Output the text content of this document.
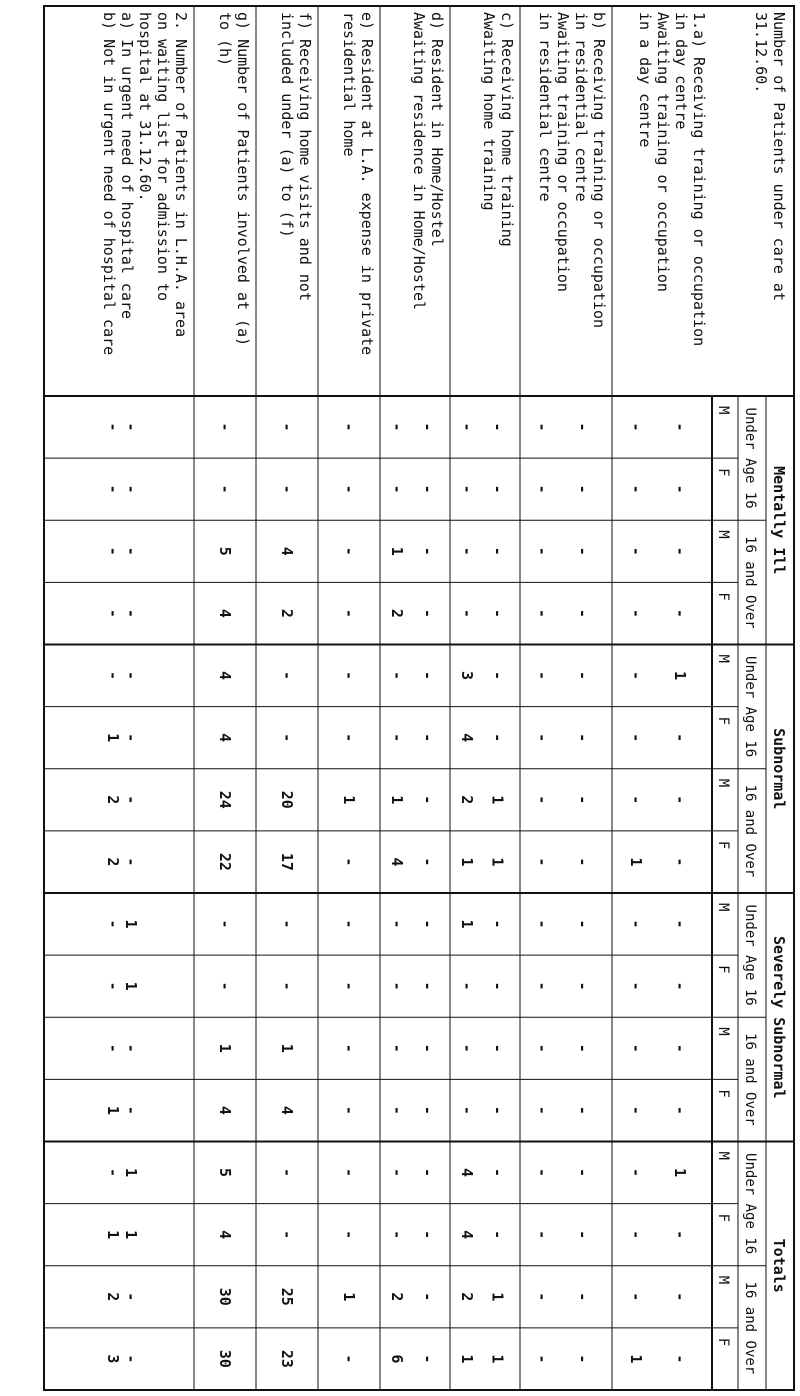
Number of Patients under care at
31.12.60.
1.a) Receiving training or occupation
in day centre
Awaiting training or occupation
in a day centre
b) Receiving training or occupation
in residential centre
Awaiting training or occupation
in residential centre
c) Receiving home training
Awaiting home training
d) Resident in Home/Hostel
Awaiting residence in Home/Hostel
e) Resident at L.A. expense in private
residential home
f) Receiving home visits and not
included under (a) to (f)
g) Number of Patients involved at (a)
to (h)
2. Number of Patients in L.H.A. area
on waiting list for admission to
hospital at 31.12.60.
a) In urgent need of hospital care
b) Not in urgent need of hospital care
Mentally Ill
Under Age 16
M
F
16 and Over
M
F
Subnormal
Under Age 16
M
F
16 and Over
M
F
Severely Subnormal
Under Age 16
M
F
16 and Over
M
F
Totals
Under Age 16
M
F
16 and Over
M
F
-
-
-
-
1
-
-
-
-
-
-
-
1
-
-
-
-
-
-
-
-
-
-
1
-
-
-
-
-
-
-
1
-
-
-
-
-
-
-
-
-
-
-
-
-
-
-
-
-
-
-
-
-
-
-
-
-
-
-
-
-
-
-
-
-
-
-
-
-
-
1
1
-
-
-
-
-
-
1
1
-
-
-
-
3
4
2
1
1
-
-
-
4
4
2
1
-
-
-
-
-
-
-
-
-
-
-
-
-
-
-
-
-
-
1
2
-
-
1
4
-
-
-
-
-
-
2
6
-
-
-
-
-
-
1
-
-
-
-
-
-
-
1
-
-
-
4
2
-
-
20
17
-
-
1
4
-
-
25
23
-
-
5
4
4
4
24
22
-
-
1
4
5
4
30
30
-
-
-
-
-
-
-
-
1
1
-
-
1
1
-
-
-
-
-
-
-
1
2
2
-
-
-
1
-
1
2
3
